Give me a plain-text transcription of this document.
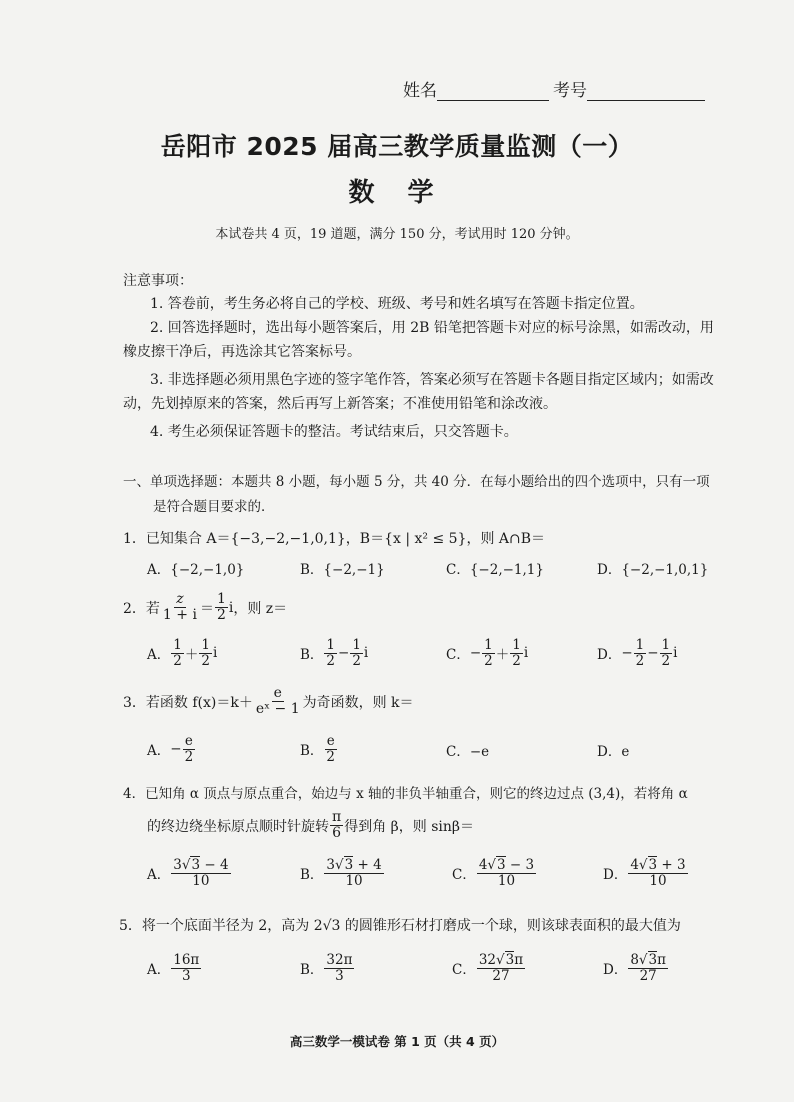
姓名	考号
岳阳市 2025 届高三教学质量监测（一）
数 学
本试卷共 4 页，19 道题，满分 150 分，考试用时 120 分钟。
注意事项：
1. 答卷前，考生务必将自己的学校、班级、考号和姓名填写在答题卡指定位置。
2. 回答选择题时，选出每小题答案后，用 2B 铅笔把答题卡对应的标号涂黑，如需改动，用橡皮擦干净后，再选涂其它答案标号。
3. 非选择题必须用黑色字迹的签字笔作答，答案必须写在答题卡各题目指定区域内；如需改动，先划掉原来的答案，然后再写上新答案；不准使用铅笔和涂改液。
4. 考生必须保证答题卡的整洁。考试结束后，只交答题卡。
一、单项选择题：本题共 8 小题，每小题 5 分，共 40 分．在每小题给出的四个选项中，只有一项是符合题目要求的．
1．已知集合 A＝{−3,−2,−1,0,1}，B＝{x | x² ≤ 5}，则 A∩B＝
A．{−2,−1,0}	B．{−2,−1}	C．{−2,−1,1}	D．{−2,−1,0,1}
2．若 $\frac{z}{1 + i} = \frac{1}{2}$ i ，则 z＝
A． $\frac{1}{2} + \frac{1}{2}$ i	B． $\frac{1}{2} - \frac{1}{2}$ i	C． − $\frac{1}{2} + \frac{1}{2}$ i	D． − $\frac{1}{2} - \frac{1}{2}$ i
3．若函数 $f(x)=k+ \frac{e}{\text{eˣ − 1}}$ 为奇函数，则 k＝
A． − $\frac{e}{2}$	B． $\frac{e}{2}$	C．−e	D．e
4．已知角 α 顶点与原点重合，始边与 x 轴的非负半轴重合，则它的终边过点 (3,4)，若将角 α
的终边绕坐标原点顺时针旋转 $\frac{\pi}{6}$ 得到角 β，则 sinβ＝
A． $\frac{3√3 - 4}{10}$	B． $\frac{3√3 + 4}{10}$	C． $\frac{4√3 - 3}{10}$	D． $\frac{4√3 + 3}{10}$
5．将一个底面半径为 2，高为 2√3 的圆锥形石材打磨成一个球，则该球表面积的最大值为
A． $\frac{16\pi}{3}$	B． $\frac{32\pi}{3}$	C． $\frac{32√3\pi}{27}$	D． $\frac{8√3\pi}{27}$
高三数学一模试卷 第 1 页（共 4 页）
